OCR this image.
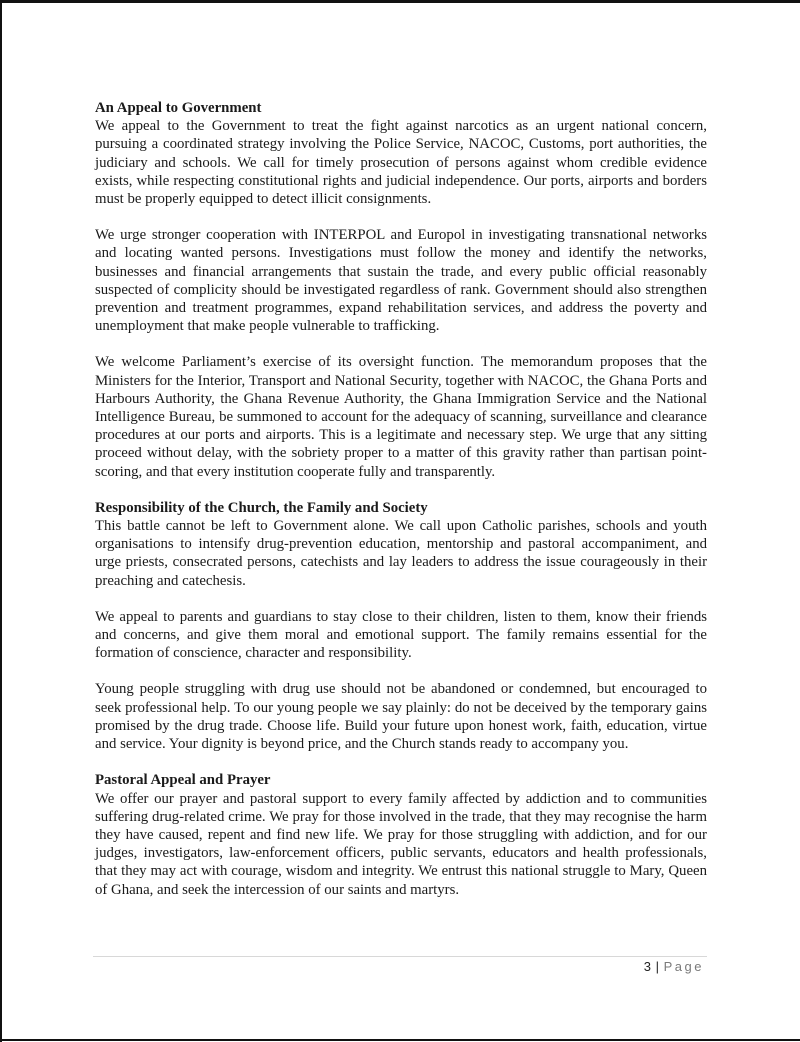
An Appeal to Government

We appeal to the Government to treat the fight against narcotics as an urgent national concern, pursuing a coordinated strategy involving the Police Service, NACOC, Customs, port authorities, the judiciary and schools. We call for timely prosecution of persons against whom credible evidence exists, while respecting constitutional rights and judicial independence. Our ports, airports and borders must be properly equipped to detect illicit consignments.

We urge stronger cooperation with INTERPOL and Europol in investigating transnational networks and locating wanted persons. Investigations must follow the money and identify the networks, businesses and financial arrangements that sustain the trade, and every public official reasonably suspected of complicity should be investigated regardless of rank. Government should also strengthen prevention and treatment programmes, expand rehabilitation services, and address the poverty and unemployment that make people vulnerable to trafficking.

We welcome Parliament’s exercise of its oversight function. The memorandum proposes that the Ministers for the Interior, Transport and National Security, together with NACOC, the Ghana Ports and Harbours Authority, the Ghana Revenue Authority, the Ghana Immigration Service and the National Intelligence Bureau, be summoned to account for the adequacy of scanning, surveillance and clearance procedures at our ports and airports. This is a legitimate and necessary step. We urge that any sitting proceed without delay, with the sobriety proper to a matter of this gravity rather than partisan point-scoring, and that every institution cooperate fully and transparently.

Responsibility of the Church, the Family and Society

This battle cannot be left to Government alone. We call upon Catholic parishes, schools and youth organisations to intensify drug-prevention education, mentorship and pastoral accompaniment, and urge priests, consecrated persons, catechists and lay leaders to address the issue courageously in their preaching and catechesis.

We appeal to parents and guardians to stay close to their children, listen to them, know their friends and concerns, and give them moral and emotional support. The family remains essential for the formation of conscience, character and responsibility.

Young people struggling with drug use should not be abandoned or condemned, but encouraged to seek professional help. To our young people we say plainly: do not be deceived by the temporary gains promised by the drug trade. Choose life. Build your future upon honest work, faith, education, virtue and service. Your dignity is beyond price, and the Church stands ready to accompany you.

Pastoral Appeal and Prayer

We offer our prayer and pastoral support to every family affected by addiction and to communities suffering drug-related crime. We pray for those involved in the trade, that they may recognise the harm they have caused, repent and find new life. We pray for those struggling with addiction, and for our judges, investigators, law-enforcement officers, public servants, educators and health professionals, that they may act with courage, wisdom and integrity. We entrust this national struggle to Mary, Queen of Ghana, and seek the intercession of our saints and martyrs.

3 | Page
